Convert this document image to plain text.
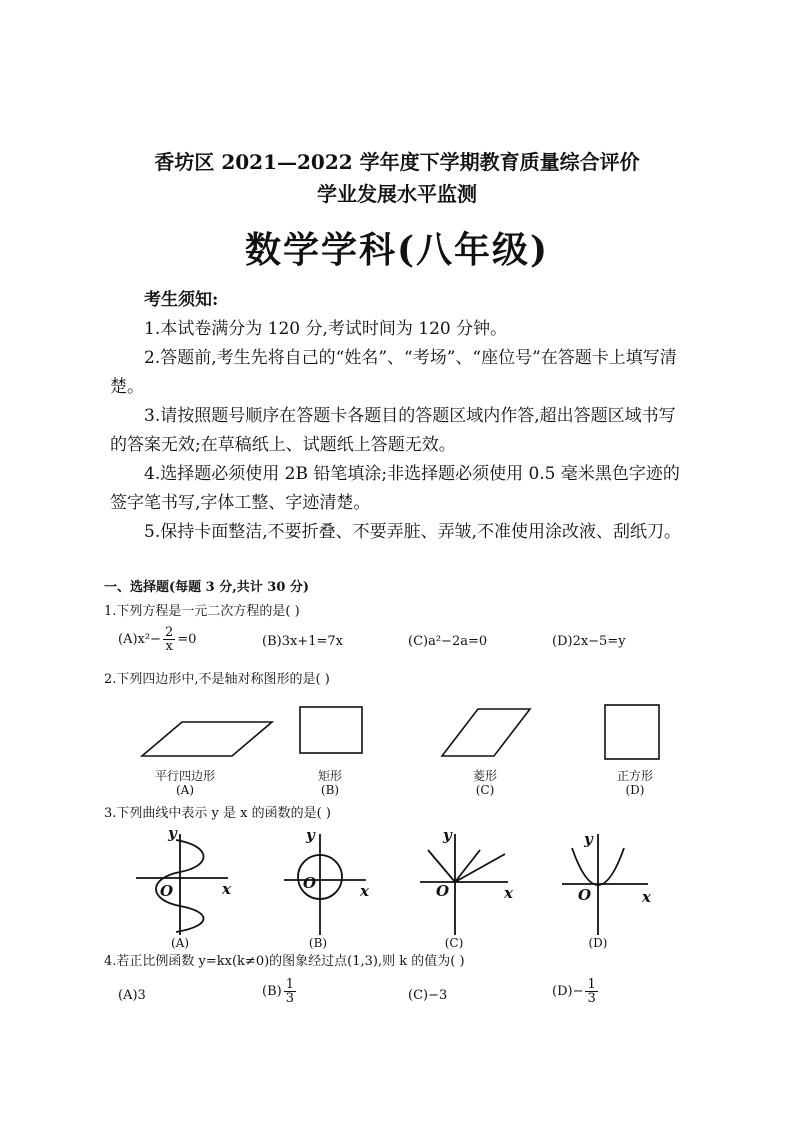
香坊区 2021—2022 学年度下学期教育质量综合评价
学业发展水平监测
数学学科(八年级)

考生须知:

1.本试卷满分为 120 分,考试时间为 120 分钟。

2.答题前,考生先将自己的“姓名”、“考场”、“座位号”在答题卡上填写清楚。

3.请按照题号顺序在答题卡各题目的答题区域内作答,超出答题区域书写的答案无效;在草稿纸上、试题纸上答题无效。

4.选择题必须使用 2B 铅笔填涂;非选择题必须使用 0.5 毫米黑色字迹的签字笔书写,字体工整、字迹清楚。

5.保持卡面整洁,不要折叠、不要弄脏、弄皱,不准使用涂改液、刮纸刀。

一、选择题(每题 3 分,共计 30 分)
1.下列方程是一元二次方程的是( )
$(A)x^2- \frac{2}{x} =0$	(B)3x+1=7x	(C)a²−2a=0	(D)2x−5=y
2.下列四边形中,不是轴对称图形的是( )
平行四边形	矩形	菱形	正方形
(A)	(B)	(C)	(D)
3.下列曲线中表示 y 是 x 的函数的是( )
y
x
O
y
x
O
y
x
O
y
x
O
(A)	(B)	(C)	(D)
4.若正比例函数 y=kx(k≠0)的图象经过点(1,3),则 k 的值为( )
(A)3	$(B) \frac{1}{3}$	(C)−3	$(D)- \frac{1}{3}$
